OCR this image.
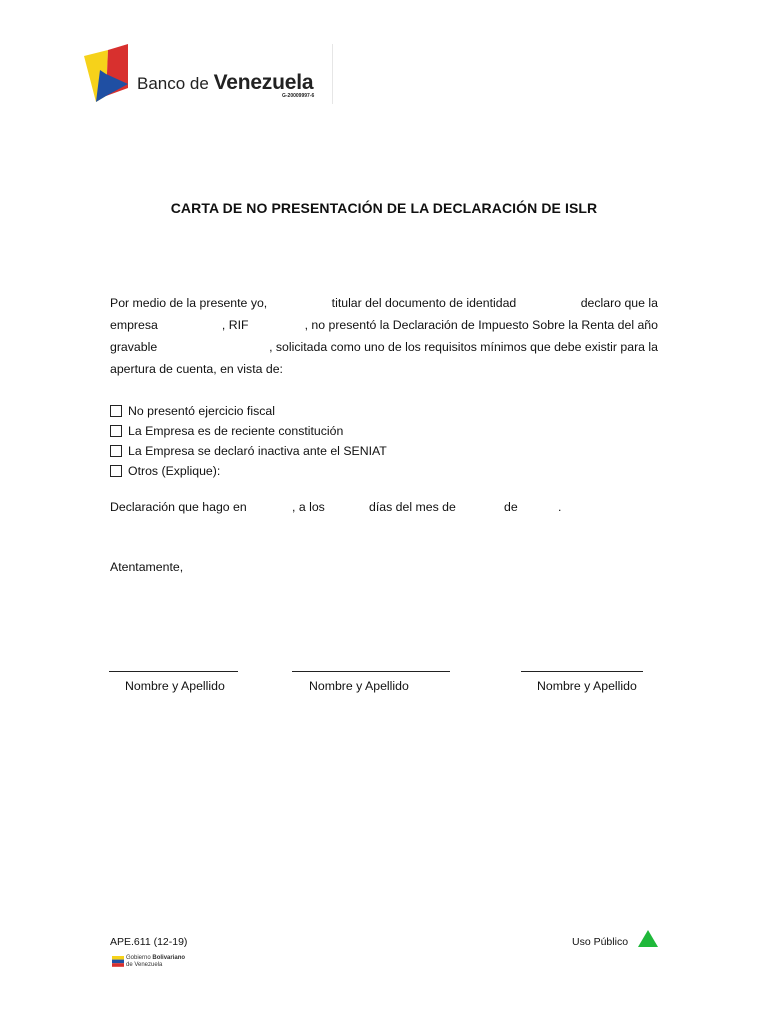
Banco de Venezuela
G-20009997-6
CARTA DE NO PRESENTACIÓN DE LA DECLARACIÓN DE ISLR
Por medio de la presente yo,	titular del documento de identidad	declaro que la
empresa	, RIF	, no presentó la Declaración de Impuesto Sobre la Renta del año
gravable	, solicitada como uno de los requisitos mínimos que debe existir para la
apertura de cuenta, en vista de:
No presentó ejercicio fiscal
La Empresa es de reciente constitución
La Empresa se declaró inactiva ante el SENIAT
Otros (Explique):
Declaración que hago en	, a los	días del mes de	de	.
Atentamente,
Nombre y Apellido	Nombre y Apellido	Nombre y Apellido
APE.611 (12-19)	Uso Público
Gobierno Bolivariano
de Venezuela
